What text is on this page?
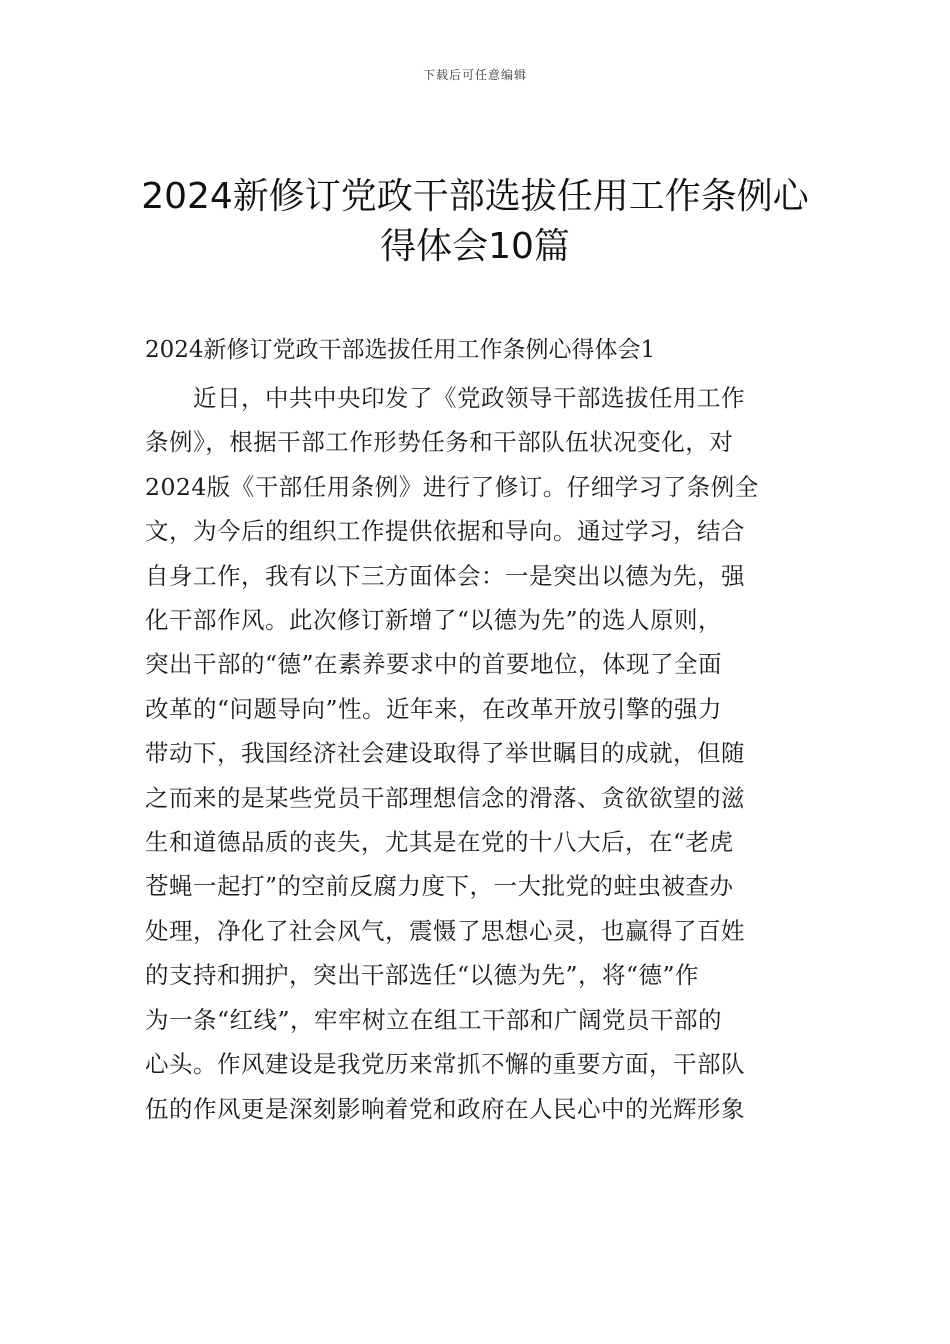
下载后可任意编辑
2024新修订党政干部选拔任用工作条例心
得体会10篇
2024新修订党政干部选拔任用工作条例心得体会1
　　近日，中共中央印发了《党政领导干部选拔任用工作
条例》，根据干部工作形势任务和干部队伍状况变化，对
2024版《干部任用条例》进行了修订。仔细学习了条例全
文，为今后的组织工作提供依据和导向。通过学习，结合
自身工作，我有以下三方面体会：一是突出以德为先，强
化干部作风。此次修订新增了“以德为先”的选人原则，
突出干部的“德”在素养要求中的首要地位，体现了全面
改革的“问题导向”性。近年来，在改革开放引擎的强力
带动下，我国经济社会建设取得了举世瞩目的成就，但随
之而来的是某些党员干部理想信念的滑落、贪欲欲望的滋
生和道德品质的丧失，尤其是在党的十八大后，在“老虎
苍蝇一起打”的空前反腐力度下，一大批党的蛀虫被查办
处理，净化了社会风气，震慑了思想心灵，也赢得了百姓
的支持和拥护，突出干部选任“以德为先”，将“德”作
为一条“红线”，牢牢树立在组工干部和广阔党员干部的
心头。作风建设是我党历来常抓不懈的重要方面，干部队
伍的作风更是深刻影响着党和政府在人民心中的光辉形象
